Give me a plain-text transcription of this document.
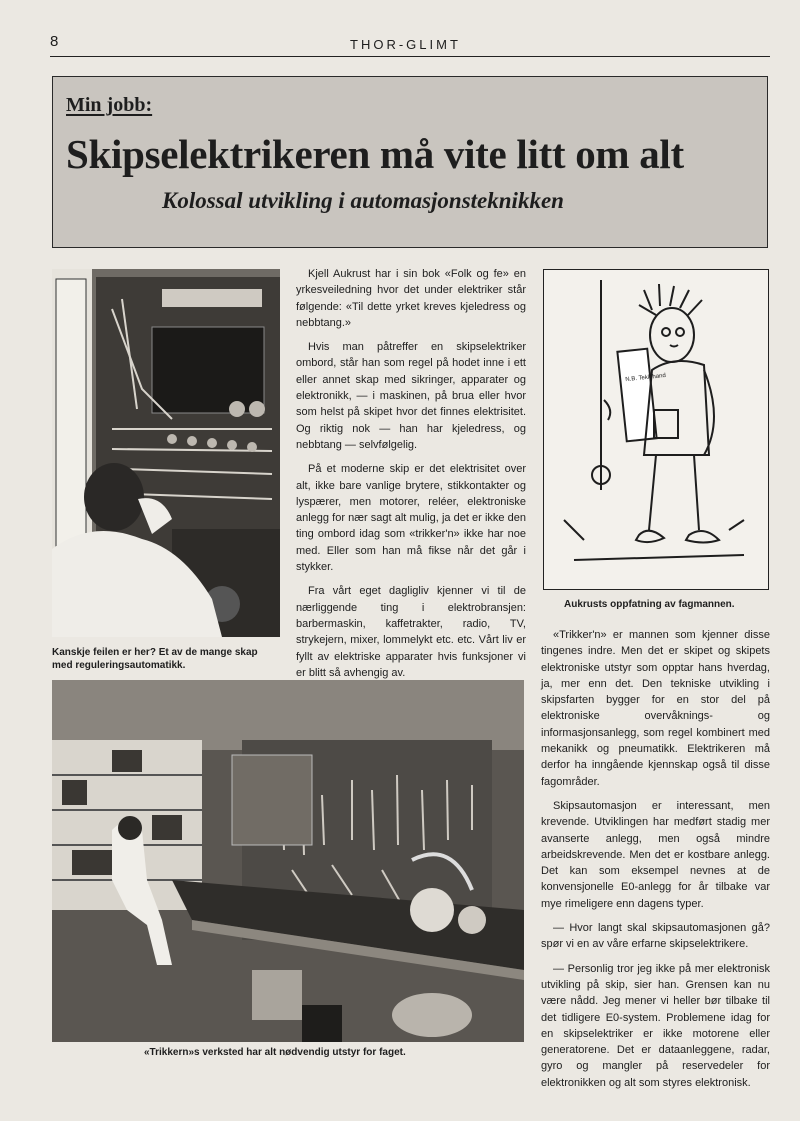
8	THOR-GLIMT
Min jobb:
Skipselektrikeren må vite litt om alt
Kolossal utvikling i automasjonsteknikken
Kanskje feilen er her? Et av de mange skap
med reguleringsautomatikk.

Kjell Aukrust har i sin bok «Folk og fe» en yrkesveiledning hvor det under elektriker står følgende: «Til dette yrket kreves kjeledress og nebbtang.»

Hvis man påtreffer en skipselektriker ombord, står han som regel på hodet inne i ett eller annet skap med sikringer, apparater og elektronikk, — i maskinen, på brua eller hvor som helst på skipet hvor det finnes elektrisitet. Og riktig nok — han har kjeledress, og nebbtang — selvfølgelig.

På et moderne skip er det elektrisitet over alt, ikke bare vanlige brytere, stikkontakter og lyspærer, men motorer, reléer, elektroniske anlegg for nær sagt alt mulig, ja det er ikke den ting ombord idag som «trikker'n» ikke har noe med. Eller som han må fikse når det går i stykker.

Fra vårt eget dagligliv kjenner vi til de nærliggende ting i elektrobransjen: barbermaskin, kaffetrakter, radio, TV, strykejern, mixer, lommelykt etc. etc. Vårt liv er fyllt av elektriske apparater hvis funksjoner vi er blitt så avhengig av.

N.B. Tekk hand
Aukrusts oppfatning av fagmannen.

«Trikker'n» er mannen som kjenner disse tingenes indre. Men det er skipet og skipets elektroniske utstyr som opptar hans hverdag, ja, mer enn det. Den tekniske utvikling i skipsfarten bygger for en stor del på elektroniske overvåknings- og informasjonsanlegg, som regel kombinert med mekanikk og pneumatikk. Elektrikeren må derfor ha inngående kjennskap også til disse fagområder.

Skipsautomasjon er interessant, men krevende. Utviklingen har medført stadig mer avanserte anlegg, men også mindre arbeidskrevende. Men det er kostbare anlegg. Det kan som eksempel nevnes at de konvensjonelle E0-anlegg for år tilbake var mye rimeligere enn dagens typer.

— Hvor langt skal skipsautomasjonen gå? spør vi en av våre erfarne skipselektrikere.

— Personlig tror jeg ikke på mer elektronisk utvikling på skip, sier han. Grensen kan nu være nådd. Jeg mener vi heller bør tilbake til det tidligere E0-system. Problemene idag for en skipselektriker er ikke motorene eller generatorene. Det er dataanleggene, radar, gyro og mangler på reservedeler for elektronikken og alt som styres elektronisk.

«Trikkern»s verksted har alt nødvendig utstyr for faget.
